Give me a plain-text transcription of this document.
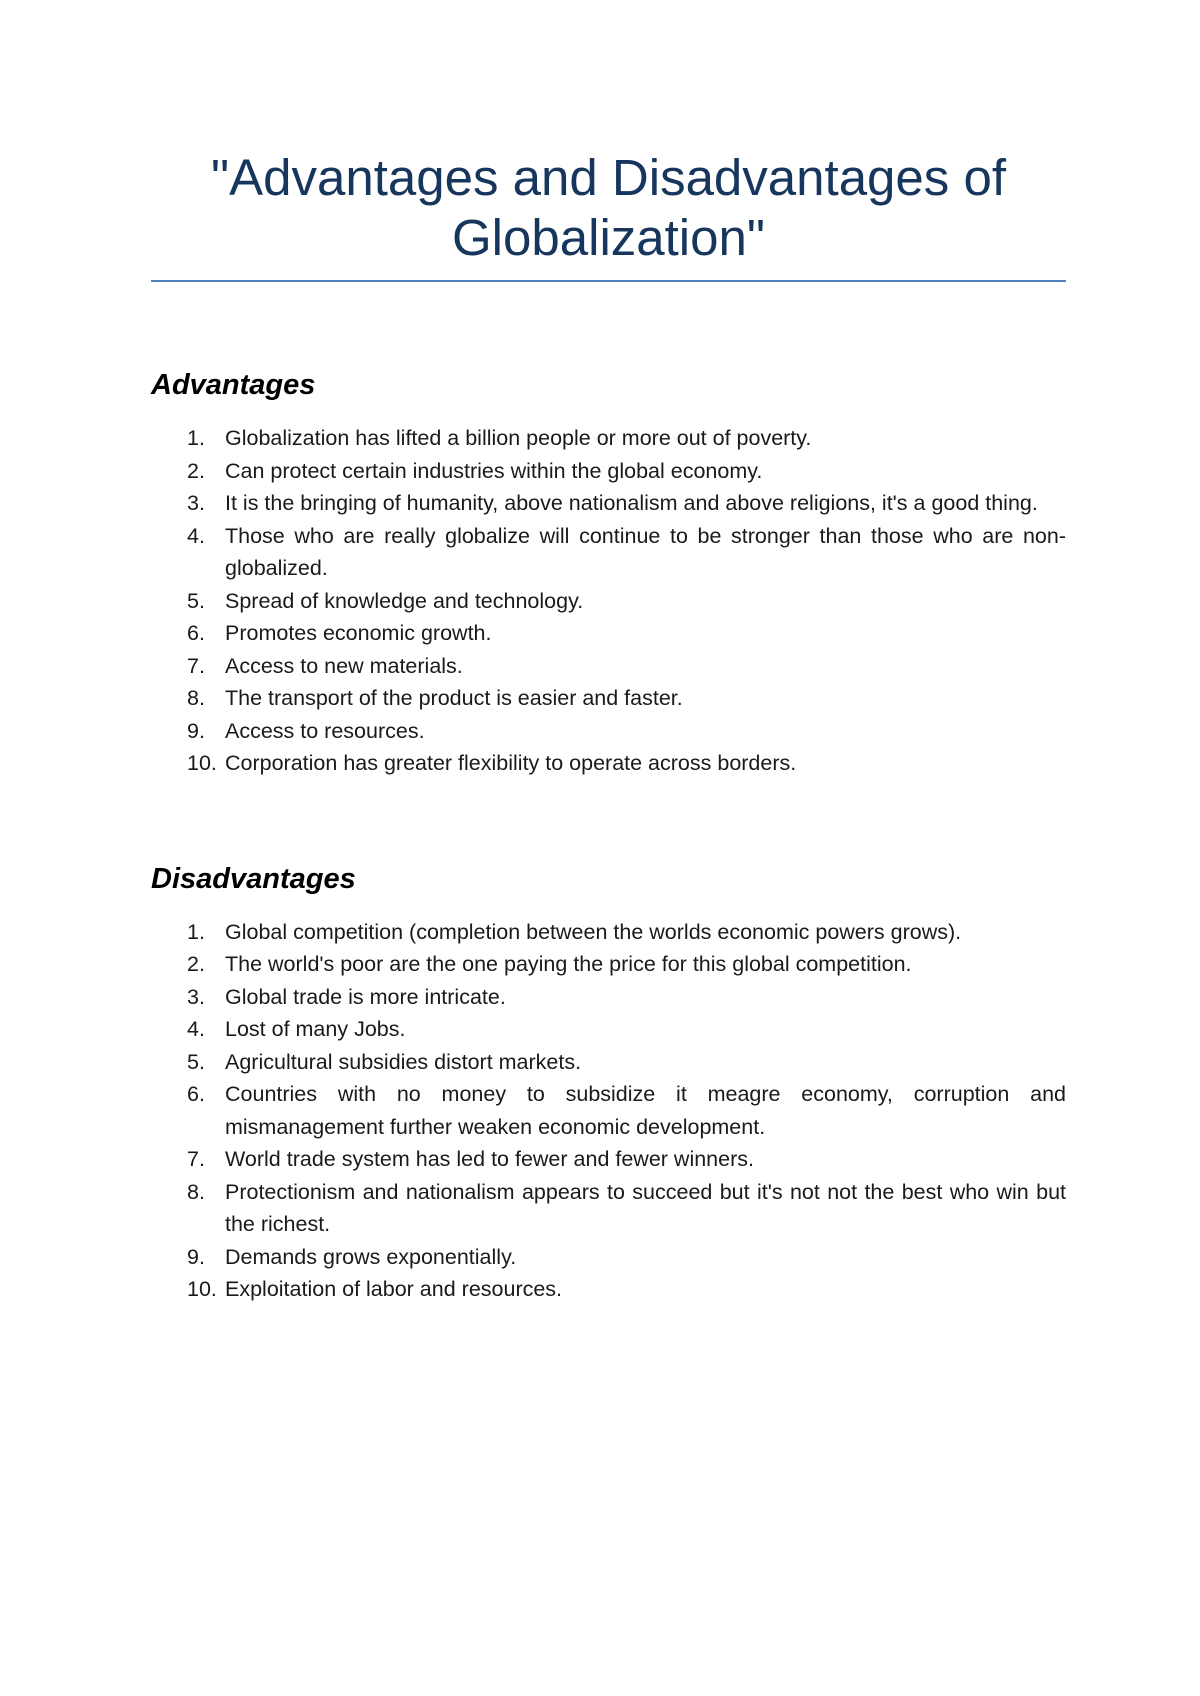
"Advantages and Disadvantages of Globalization"
Advantages
1. Globalization has lifted a billion people or more out of poverty.
2. Can protect certain industries within the global economy.
3. It is the bringing of humanity, above nationalism and above religions, it's a good thing.
4. Those who are really globalize will continue to be stronger than those who are non-globalized.
5. Spread of knowledge and technology.
6. Promotes economic growth.
7. Access to new materials.
8. The transport of the product is easier and faster.
9. Access to resources.
10. Corporation has greater flexibility to operate across borders.
Disadvantages
1. Global competition (completion between the worlds economic powers grows).
2. The world's poor are the one paying the price for this global competition.
3. Global trade is more intricate.
4. Lost of many Jobs.
5. Agricultural subsidies distort markets.
6. Countries with no money to subsidize it meagre economy, corruption and mismanagement further weaken economic development.
7. World trade system has led to fewer and fewer winners.
8. Protectionism and nationalism appears to succeed but it's not not the best who win but the richest.
9. Demands grows exponentially.
10. Exploitation of labor and resources.
